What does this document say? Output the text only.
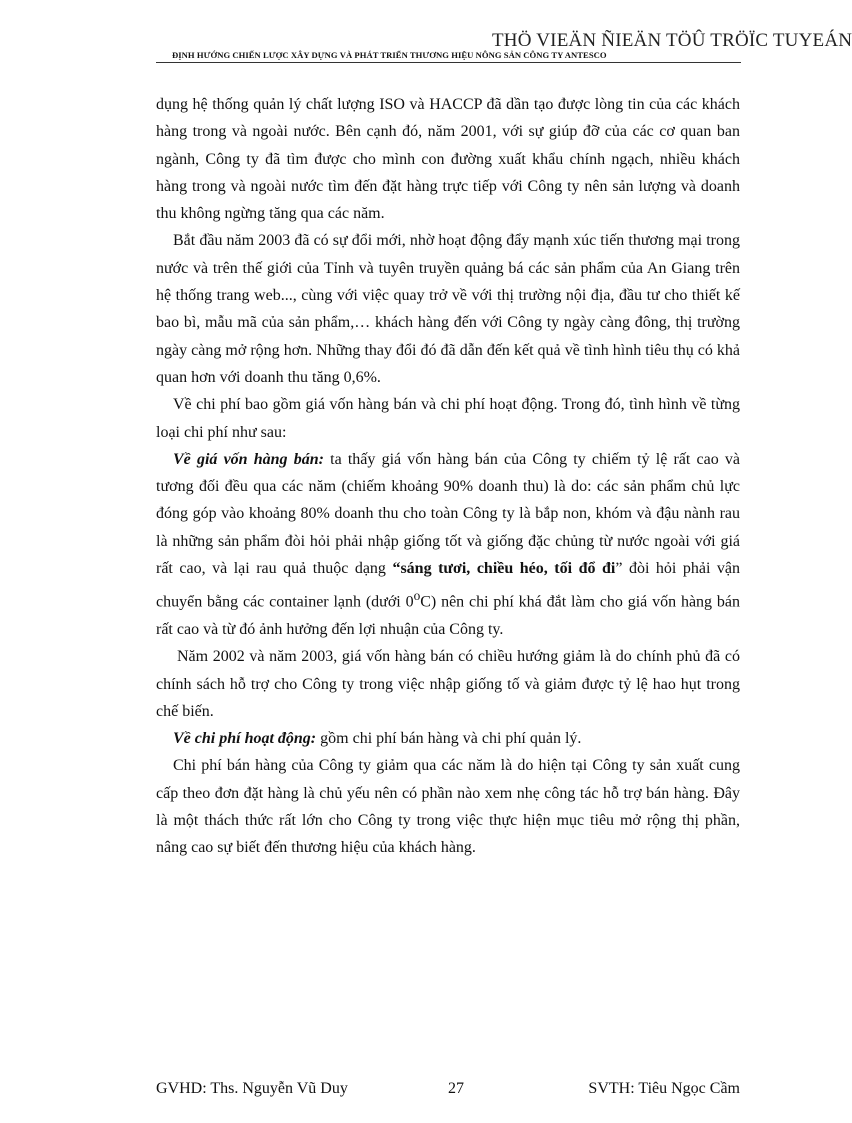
THÖ VIEÄN ÑIEÄN TÖÛ TRÖÏC TUYEÁN
ĐỊNH HƯỚNG CHIẾN LƯỢC XÂY DỰNG VÀ PHÁT TRIỂN THƯƠNG HIỆU NÔNG SẢN CÔNG TY ANTESCO

dụng hệ thống quản lý chất lượng ISO và HACCP đã dần tạo được lòng tin của các khách hàng trong và ngoài nước. Bên cạnh đó, năm 2001, với sự giúp đỡ của các cơ quan ban ngành, Công ty đã tìm được cho mình con đường xuất khẩu chính ngạch, nhiều khách hàng trong và ngoài nước tìm đến đặt hàng trực tiếp với Công ty nên sản lượng và doanh thu không ngừng tăng qua các năm.

Bắt đầu năm 2003 đã có sự đổi mới, nhờ hoạt động đẩy mạnh xúc tiến thương mại trong nước và trên thế giới của Tỉnh và tuyên truyền quảng bá các sản phẩm của An Giang trên hệ thống trang web..., cùng với việc quay trở về với thị trường nội địa, đầu tư cho thiết kế bao bì, mẫu mã của sản phẩm,… khách hàng đến với Công ty ngày càng đông, thị trường ngày càng mở rộng hơn. Những thay đổi đó đã dẫn đến kết quả về tình hình tiêu thụ có khả quan hơn với doanh thu tăng 0,6%.

Về chi phí bao gồm giá vốn hàng bán và chi phí hoạt động. Trong đó, tình hình về từng loại chi phí như sau:

Về giá vốn hàng bán: ta thấy giá vốn hàng bán của Công ty chiếm tỷ lệ rất cao và tương đối đều qua các năm (chiếm khoảng 90% doanh thu) là do: các sản phẩm chủ lực đóng góp vào khoảng 80% doanh thu cho toàn Công ty là bắp non, khóm và đậu nành rau là những sản phẩm đòi hỏi phải nhập giống tốt và giống đặc chủng từ nước ngoài với giá rất cao, và lại rau quả thuộc dạng “sáng tươi, chiều héo, tối đổ đi” đòi hỏi phải vận chuyển bằng các container lạnh (dưới 0$^o$C) nên chi phí khá đắt làm cho giá vốn hàng bán rất cao và từ đó ảnh hưởng đến lợi nhuận của Công ty.

Năm 2002 và năm 2003, giá vốn hàng bán có chiều hướng giảm là do chính phủ đã có chính sách hỗ trợ cho Công ty trong việc nhập giống tố và giảm được tỷ lệ hao hụt trong chế biến.

Về chi phí hoạt động: gồm chi phí bán hàng và chi phí quản lý.

Chi phí bán hàng của Công ty giảm qua các năm là do hiện tại Công ty sản xuất cung cấp theo đơn đặt hàng là chủ yếu nên có phần nào xem nhẹ công tác hỗ trợ bán hàng. Đây là một thách thức rất lớn cho Công ty trong việc thực hiện mục tiêu mở rộng thị phần, nâng cao sự biết đến thương hiệu của khách hàng.

GVHD: Ths. Nguyễn Vũ Duy	27	SVTH: Tiêu Ngọc Cầm
